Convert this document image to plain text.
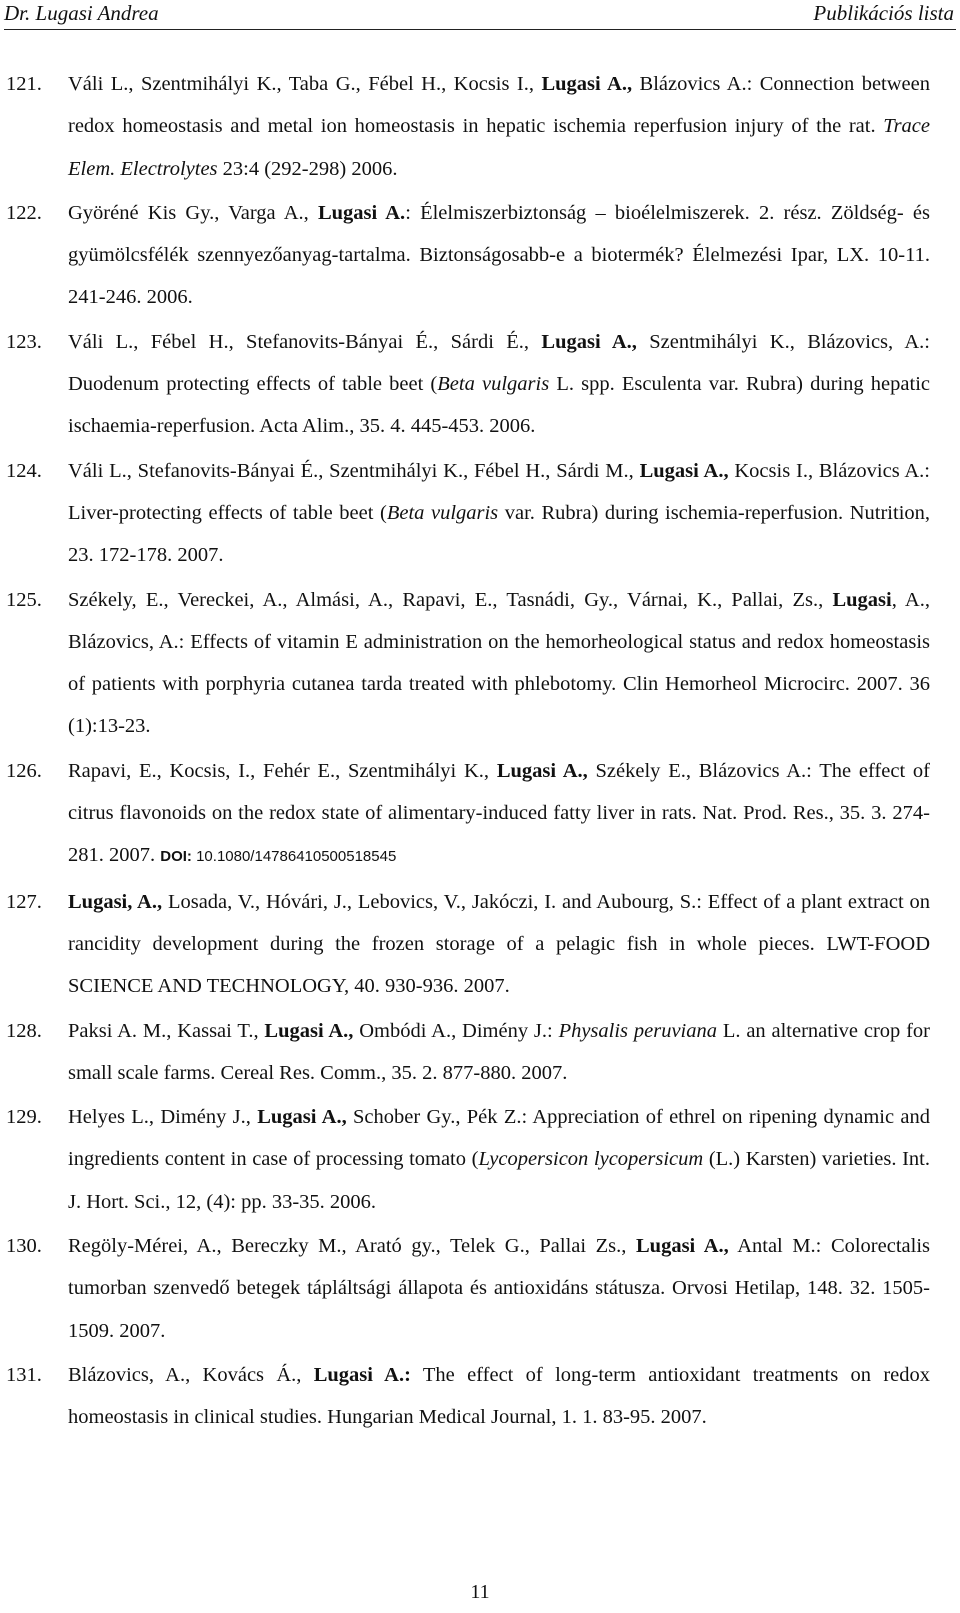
Dr. Lugasi Andrea	Publikációs lista
121. Váli L., Szentmihályi K., Taba G., Fébel H., Kocsis I., Lugasi A., Blázovics A.: Connection between redox homeostasis and metal ion homeostasis in hepatic ischemia reperfusion injury of the rat. Trace Elem. Electrolytes 23:4 (292-298) 2006.

122. Györéné Kis Gy., Varga A., Lugasi A.: Élelmiszerbiztonság – bioélelmiszerek. 2. rész. Zöldség- és gyümölcsfélék szennyezőanyag-tartalma. Biztonságosabb-e a biotermék? Élelmezési Ipar, LX. 10-11. 241-246. 2006.

123. Váli L., Fébel H., Stefanovits-Bányai É., Sárdi É., Lugasi A., Szentmihályi K., Blázovics, A.: Duodenum protecting effects of table beet (Beta vulgaris L. spp. Esculenta var. Rubra) during hepatic ischaemia-reperfusion. Acta Alim., 35. 4. 445-453. 2006.

124. Váli L., Stefanovits-Bányai É., Szentmihályi K., Fébel H., Sárdi M., Lugasi A., Kocsis I., Blázovics A.: Liver-protecting effects of table beet (Beta vulgaris var. Rubra) during ischemia-reperfusion. Nutrition, 23. 172-178. 2007.

125. Székely, E., Vereckei, A., Almási, A., Rapavi, E., Tasnádi, Gy., Várnai, K., Pallai, Zs., Lugasi, A., Blázovics, A.: Effects of vitamin E administration on the hemorheological status and redox homeostasis of patients with porphyria cutanea tarda treated with phlebotomy. Clin Hemorheol Microcirc. 2007. 36 (1):13-23.

126. Rapavi, E., Kocsis, I., Fehér E., Szentmihályi K., Lugasi A., Székely E., Blázovics A.: The effect of citrus flavonoids on the redox state of alimentary-induced fatty liver in rats. Nat. Prod. Res., 35. 3. 274-281. 2007. DOI: 10.1080/14786410500518545

127. Lugasi, A., Losada, V., Hóvári, J., Lebovics, V., Jakóczi, I. and Aubourg, S.: Effect of a plant extract on rancidity development during the frozen storage of a pelagic fish in whole pieces. LWT-FOOD SCIENCE AND TECHNOLOGY, 40. 930-936. 2007.

128. Paksi A. M., Kassai T., Lugasi A., Ombódi A., Dimény J.: Physalis peruviana L. an alternative crop for small scale farms. Cereal Res. Comm., 35. 2. 877-880. 2007.

129. Helyes L., Dimény J., Lugasi A., Schober Gy., Pék Z.: Appreciation of ethrel on ripening dynamic and ingredients content in case of processing tomato (Lycopersicon lycopersicum (L.) Karsten) varieties. Int. J. Hort. Sci., 12, (4): pp. 33-35. 2006.

130. Regöly-Mérei, A., Bereczky M., Arató gy., Telek G., Pallai Zs., Lugasi A., Antal M.: Colorectalis tumorban szenvedő betegek tápláltsági állapota és antioxidáns státusza. Orvosi Hetilap, 148. 32. 1505-1509. 2007.

131. Blázovics, A., Kovács Á., Lugasi A.: The effect of long-term antioxidant treatments on redox homeostasis in clinical studies. Hungarian Medical Journal, 1. 1. 83-95. 2007.

11
